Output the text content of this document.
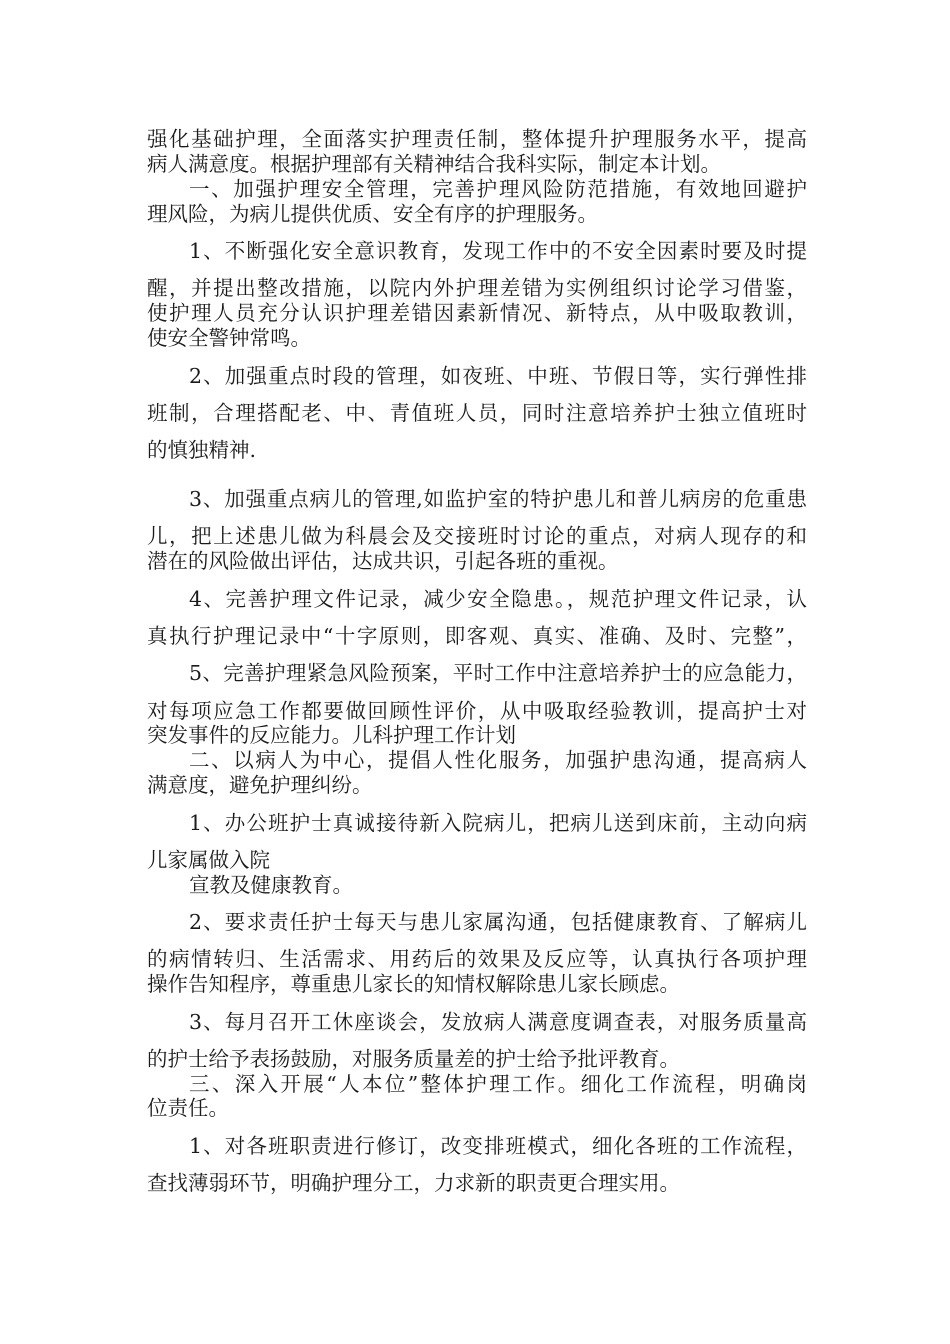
强化基础护理，全面落实护理责任制，整体提升护理服务水平，提高

病人满意度。根据护理部有关精神结合我科实际，制定本计划。

一、加强护理安全管理，完善护理风险防范措施，有效地回避护

理风险，为病儿提供优质、安全有序的护理服务。

1、不断强化安全意识教育，发现工作中的不安全因素时要及时提

醒，并提出整改措施，以院内外护理差错为实例组织讨论学习借鉴，

使护理人员充分认识护理差错因素新情况、新特点，从中吸取教训，

使安全警钟常鸣。

2、加强重点时段的管理，如夜班、中班、节假日等，实行弹性排

班制，合理搭配老、中、青值班人员，同时注意培养护士独立值班时

的慎独精神.

3、加强重点病儿的管理,如监护室的特护患儿和普儿病房的危重患

儿，把上述患儿做为科晨会及交接班时讨论的重点，对病人现存的和

潜在的风险做出评估，达成共识，引起各班的重视。

4、完善护理文件记录，减少安全隐患。，规范护理文件记录，认

真执行护理记录中“十字原则，即客观、真实、准确、及时、完整”，

5、完善护理紧急风险预案，平时工作中注意培养护士的应急能力，

对每项应急工作都要做回顾性评价，从中吸取经验教训，提高护士对

突发事件的反应能力。儿科护理工作计划

二、以病人为中心，提倡人性化服务，加强护患沟通，提高病人

满意度，避免护理纠纷。

1、办公班护士真诚接待新入院病儿，把病儿送到床前，主动向病

儿家属做入院

宣教及健康教育。

2、要求责任护士每天与患儿家属沟通，包括健康教育、了解病儿

的病情转归、生活需求、用药后的效果及反应等，认真执行各项护理

操作告知程序，尊重患儿家长的知情权解除患儿家长顾虑。

3、每月召开工休座谈会，发放病人满意度调查表，对服务质量高

的护士给予表扬鼓励，对服务质量差的护士给予批评教育。

三、深入开展“人本位”整体护理工作。细化工作流程，明确岗

位责任。

1、对各班职责进行修订，改变排班模式，细化各班的工作流程，

查找薄弱环节，明确护理分工，力求新的职责更合理实用。
